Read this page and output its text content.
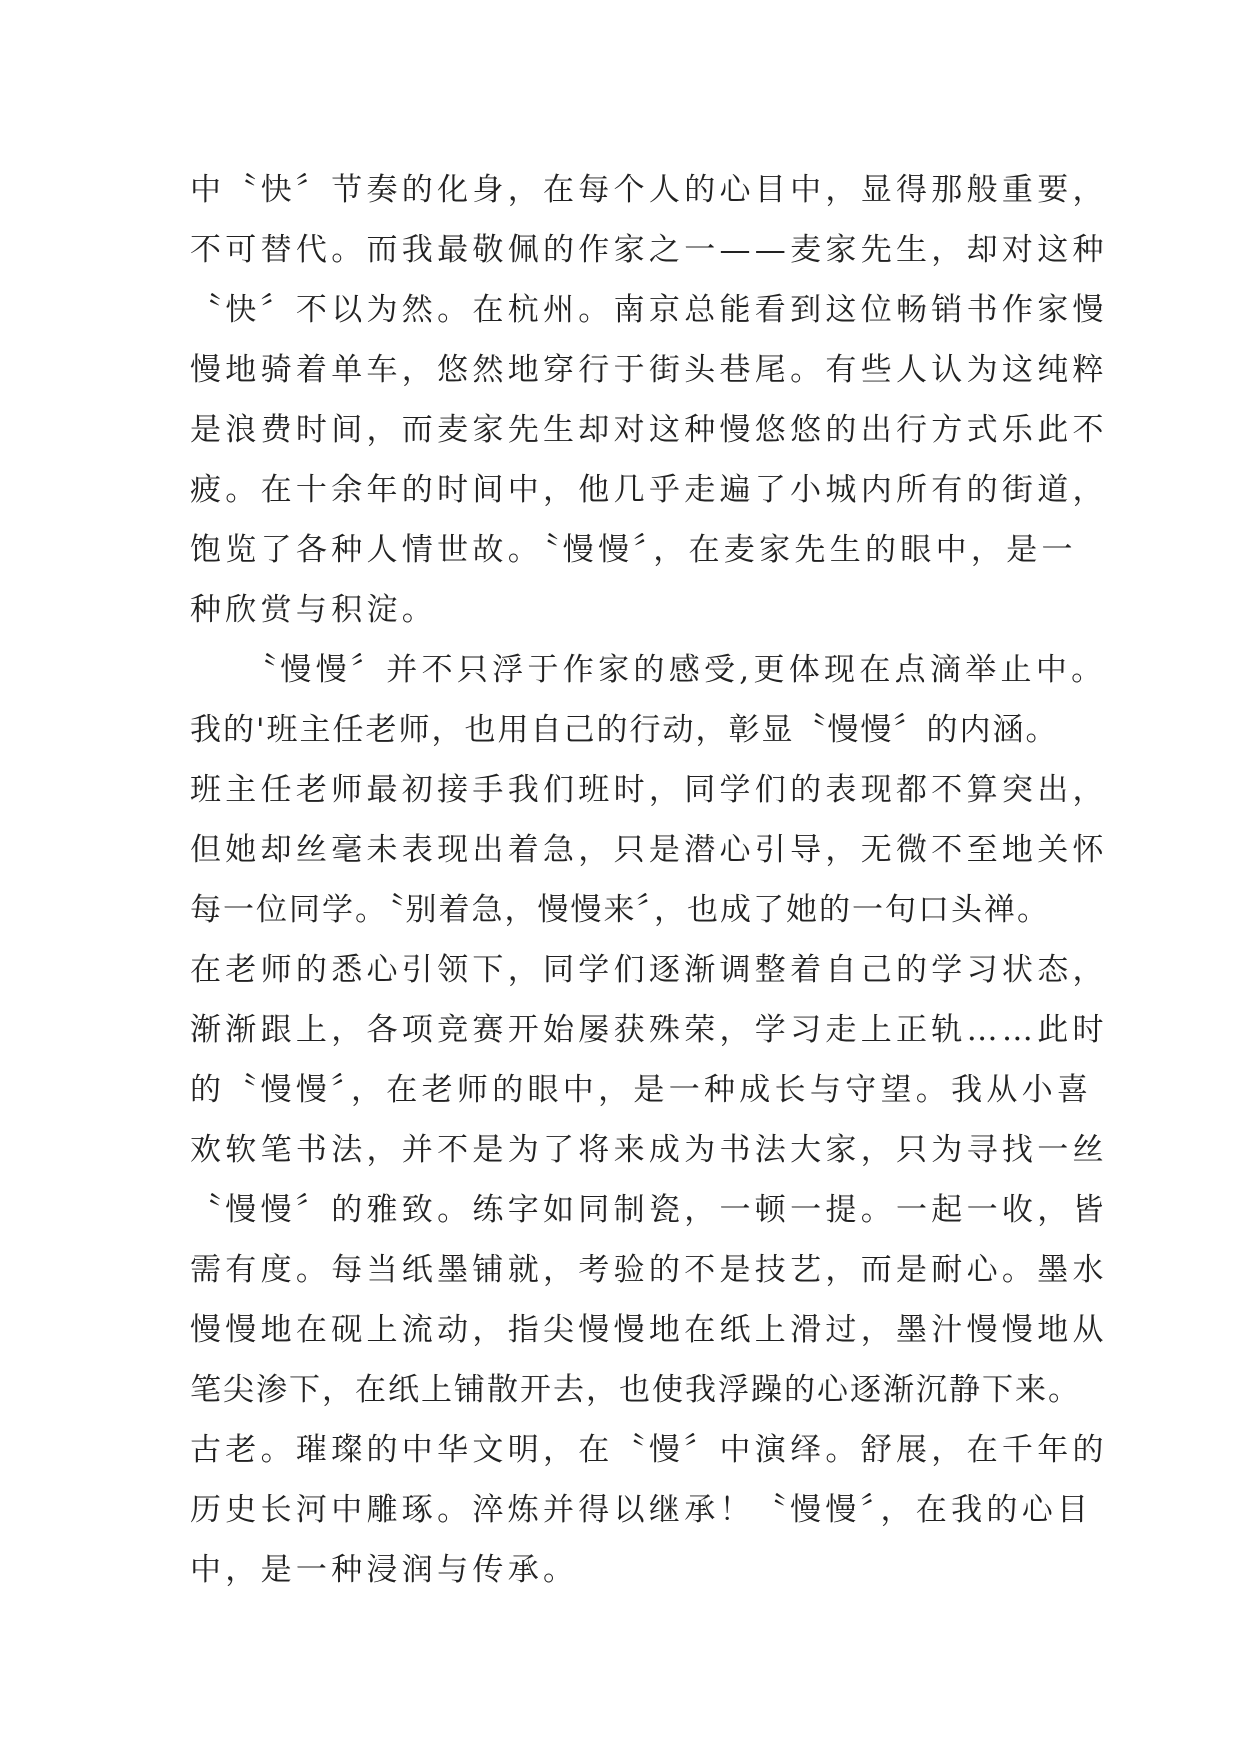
中〝快〞节奏的化身，在每个人的心目中，显得那般重要，
不可替代。而我最敬佩的作家之一——麦家先生，却对这种
〝快〞不以为然。在杭州。南京总能看到这位畅销书作家慢
慢地骑着单车，悠然地穿行于街头巷尾。有些人认为这纯粹
是浪费时间，而麦家先生却对这种慢悠悠的出行方式乐此不
疲。在十余年的时间中，他几乎走遍了小城内所有的街道，
饱览了各种人情世故。〝慢慢〞，在麦家先生的眼中，是一
种欣赏与积淀。
　　〝慢慢〞并不只浮于作家的感受,更体现在点滴举止中。
我的'班主任老师，也用自己的行动，彰显〝慢慢〞的内涵。
班主任老师最初接手我们班时，同学们的表现都不算突出，
但她却丝毫未表现出着急，只是潜心引导，无微不至地关怀
每一位同学。〝别着急，慢慢来〞，也成了她的一句口头禅。
在老师的悉心引领下，同学们逐渐调整着自己的学习状态，
渐渐跟上，各项竞赛开始屡获殊荣，学习走上正轨……此时
的〝慢慢〞，在老师的眼中，是一种成长与守望。我从小喜
欢软笔书法，并不是为了将来成为书法大家，只为寻找一丝
〝慢慢〞的雅致。练字如同制瓷，一顿一提。一起一收，皆
需有度。每当纸墨铺就，考验的不是技艺，而是耐心。墨水
慢慢地在砚上流动，指尖慢慢地在纸上滑过，墨汁慢慢地从
笔尖渗下，在纸上铺散开去，也使我浮躁的心逐渐沉静下来。
古老。璀璨的中华文明，在〝慢〞中演绎。舒展，在千年的
历史长河中雕琢。淬炼并得以继承！〝慢慢〞，在我的心目
中，是一种浸润与传承。
